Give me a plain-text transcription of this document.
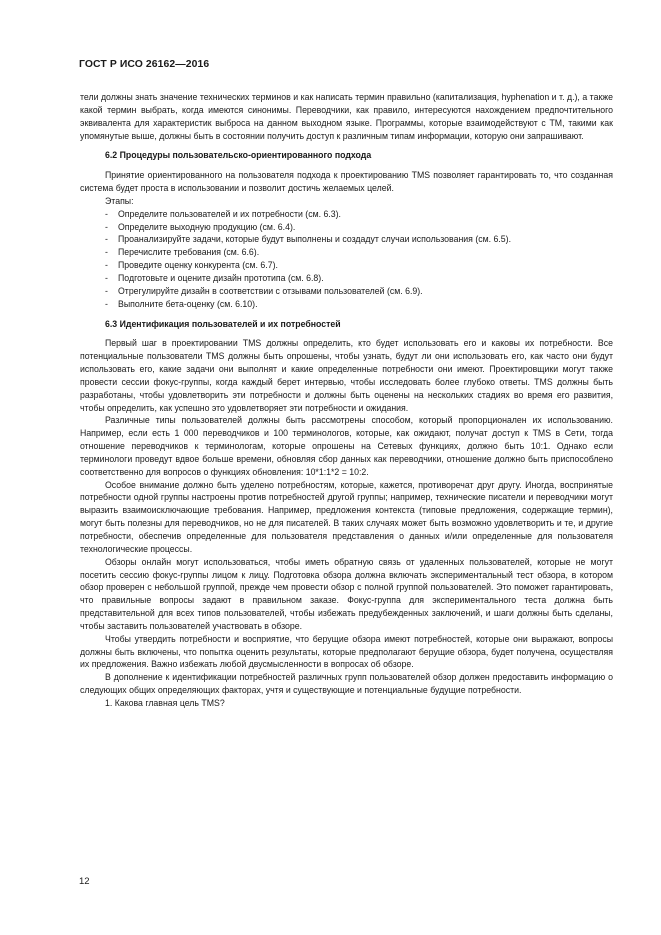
ГОСТ Р ИСО 26162—2016

тели должны знать значение технических терминов и как написать термин правильно (капитализация, hyphenation и т. д.), а также какой термин выбрать, когда имеются синонимы. Переводчики, как правило, интересуются нахождением предпочтительного эквивалента для характеристик выброса на данном выходном языке. Программы, которые взаимодействуют с ТМ, такими как упомянутые выше, должны быть в состоянии получить доступ к различным типам информации, которую они запрашивают.

6.2 Процедуры пользовательско-ориентированного подхода

Принятие ориентированного на пользователя подхода к проектированию TMS позволяет гарантировать то, что созданная система будет проста в использовании и позволит достичь желаемых целей.

Этапы:
- Определите пользователей и их потребности (см. 6.3).
- Определите выходную продукцию (см. 6.4).
- Проанализируйте задачи, которые будут выполнены и создадут случаи использования (см. 6.5).
- Перечислите требования (см. 6.6).
- Проведите оценку конкурента (см. 6.7).
- Подготовьте и оцените дизайн прототипа (см. 6.8).
- Отрегулируйте дизайн в соответствии с отзывами пользователей (см. 6.9).
- Выполните бета-оценку (см. 6.10).
6.3 Идентификация пользователей и их потребностей

Первый шаг в проектировании TMS должны определить, кто будет использовать его и каковы их потребности. Все потенциальные пользователи TMS должны быть опрошены, чтобы узнать, будут ли они использовать его, как часто они будут использовать его, какие задачи они выполнят и какие определенные потребности они имеют. Проектировщики могут также провести сессии фокус-группы, когда каждый берет интервью, чтобы исследовать более глубоко ответы. TMS должны быть разработаны, чтобы удовлетворить эти потребности и должны быть оценены на нескольких стадиях во время его развития, чтобы определить, как успешно это удовлетворяет эти потребности и ожидания.

Различные типы пользователей должны быть рассмотрены способом, который пропорционален их использованию. Например, если есть 1 000 переводчиков и 100 терминологов, которые, как ожидают, получат доступ к TMS в Сети, тогда отношение переводчиков к терминологам, которые опрошены на Сетевых функциях, должно быть 10:1. Однако если терминологи проведут вдвое больше времени, обновляя сбор данных как переводчики, отношение должно быть приспособлено соответственно для вопросов о функциях обновления: 10*1:1*2 = 10:2.

Особое внимание должно быть уделено потребностям, которые, кажется, противоречат друг другу. Иногда, воспринятые потребности одной группы настроены против потребностей другой группы; например, технические писатели и переводчики могут выразить взаимоисключающие требования. Например, предложения контекста (типовые предложения, содержащие термин), могут быть полезны для переводчиков, но не для писателей. В таких случаях может быть возможно удовлетворить и те, и другие потребности, обеспечив определенные для пользователя представления о данных и/или определенные для пользователя технологические процессы.

Обзоры онлайн могут использоваться, чтобы иметь обратную связь от удаленных пользователей, которые не могут посетить сессию фокус-группы лицом к лицу. Подготовка обзора должна включать экспериментальный тест обзора, в котором обзор проверен с небольшой группой, прежде чем провести обзор с полной группой пользователей. Это поможет гарантировать, что правильные вопросы задают в правильном заказе. Фокус-группа для экспериментального теста должна быть представительной для всех типов пользователей, чтобы избежать предубежденных заключений, и шаги должны быть сделаны, чтобы заставить пользователей участвовать в обзоре.

Чтобы утвердить потребности и восприятие, что берущие обзора имеют потребностей, которые они выражают, вопросы должны быть включены, что попытка оценить результаты, которые предполагают берущие обзора, будет получена, осуществляя их предложения. Важно избежать любой двусмысленности в вопросах об обзоре.

В дополнение к идентификации потребностей различных групп пользователей обзор должен предоставить информацию о следующих общих определяющих факторах, учтя и существующие и потенциальные будущие потребности.

1. Какова главная цель TMS?
12
